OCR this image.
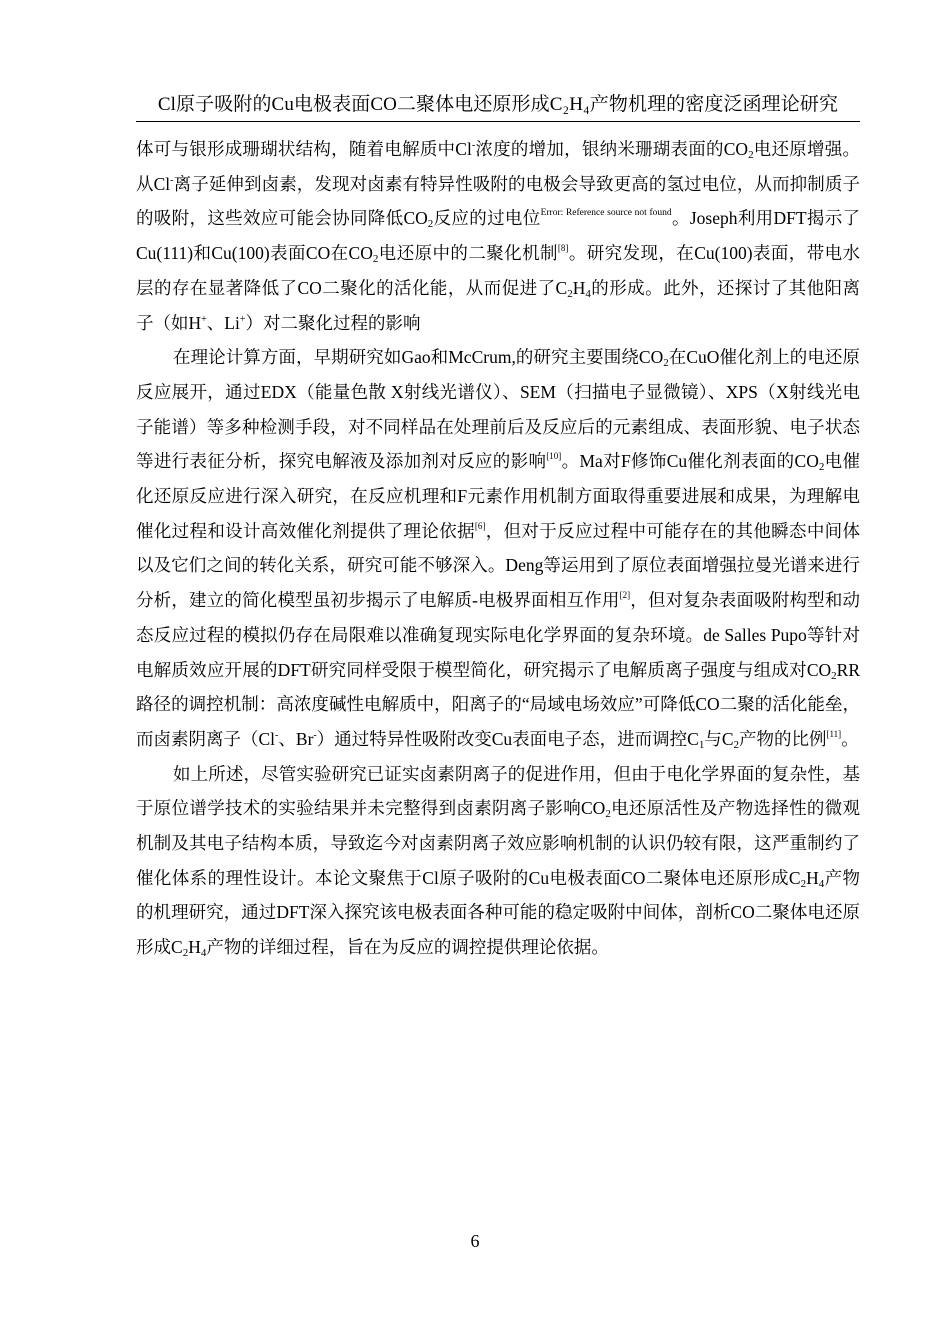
Cl原子吸附的Cu电极表面CO二聚体电还原形成C₂H₄产物机理的密度泛函理论研究

体可与银形成珊瑚状结构，随着电解质中Cl-浓度的增加，银纳米珊瑚表面的$CO_2$电还原增强。从Cl-离子延伸到卤素，发现对卤素有特异性吸附的电极会导致更高的氢过电位，从而抑制质子的吸附，这些效应可能会协同降低$CO_2$反应的过电位$^{Error: Reference source not found}$。Joseph利用DFT揭示了Cu(111)和Cu(100)表面CO在$CO_2$电还原中的二聚化机制[8]。研究发现，在Cu(100)表面，带电水层的存在显著降低了CO二聚化的活化能，从而促进了$C_2H_4$的形成。此外，还探讨了其他阳离子（如H+、Li+）对二聚化过程的影响

在理论计算方面，早期研究如Gao和McCrum,的研究主要围绕$CO_2$在CuO催化剂上的电还原反应展开，通过EDX（能量色散 X射线光谱仪）、SEM（扫描电子显微镜）、XPS（X射线光电子能谱）等多种检测手段，对不同样品在处理前后及反应后的元素组成、表面形貌、电子状态等进行表征分析，探究电解液及添加剂对反应的影响[10]。Ma对F修饰Cu催化剂表面的$CO_2$电催化还原反应进行深入研究，在反应机理和F元素作用机制方面取得重要进展和成果，为理解电催化过程和设计高效催化剂提供了理论依据[6]，但对于反应过程中可能存在的其他瞬态中间体以及它们之间的转化关系，研究可能不够深入。Deng等运用到了原位表面增强拉曼光谱来进行分析，建立的简化模型虽初步揭示了电解质-电极界面相互作用[2]，但对复杂表面吸附构型和动态反应过程的模拟仍存在局限难以准确复现实际电化学界面的复杂环境。de Salles Pupo等针对电解质效应开展的DFT研究同样受限于模型简化，研究揭示了电解质离子强度与组成对$CO_2RR$路径的调控机制：高浓度碱性电解质中，阳离子的“局域电场效应”可降低CO二聚的活化能垒，而卤素阴离子（Cl-、Br-）通过特异性吸附改变Cu表面电子态，进而调控$C_1$与$C_2$产物的比例[11]。

如上所述，尽管实验研究已证实卤素阴离子的促进作用，但由于电化学界面的复杂性，基于原位谱学技术的实验结果并未完整得到卤素阴离子影响$CO_2$电还原活性及产物选择性的微观机制及其电子结构本质，导致迄今对卤素阴离子效应影响机制的认识仍较有限，这严重制约了催化体系的理性设计。本论文聚焦于Cl原子吸附的Cu电极表面CO二聚体电还原形成$C_2H_4$产物的机理研究，通过DFT深入探究该电极表面各种可能的稳定吸附中间体，剖析CO二聚体电还原形成$C_2H_4$产物的详细过程，旨在为反应的调控提供理论依据。

6
